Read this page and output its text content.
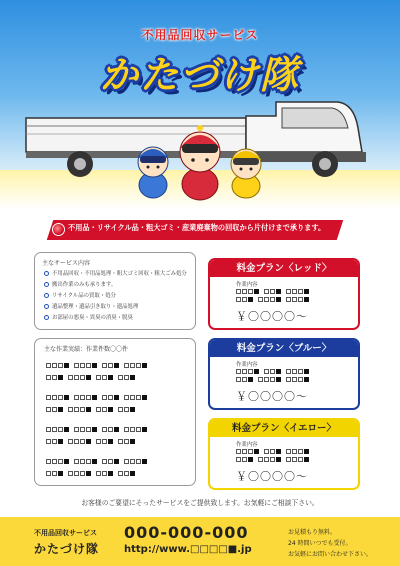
不用品回収サービス
かたづけ隊
不用品・リサイクル品・粗大ゴミ・産業廃棄物の回収から片付けまで承ります。
主なサービス内容
不用品回収・不用品処理・粗大ゴミ回収・粗大ごみ処分
搬出作業のみも承ります。
リサイクル品の買取・処分
遺品整理・遺品引き取り・遺品処理
お部屋の悪臭・異臭の消臭・脱臭
主な作業実績：作業件数〇〇件
料金プラン〈レッド〉
作業内容
￥〇〇〇〇～
料金プラン〈ブルー〉
作業内容
￥〇〇〇〇～
料金プラン〈イエロー〉
作業内容
￥〇〇〇〇～
お客様のご要望にそったサービスをご提供致します。お気軽にご相談下さい。
不用品回収サービス
かたづけ隊
000-000-000
http://www.□□□□■.jp
お見積もり無料。
24 時間いつでも受付。
お気軽にお問い合わせ下さい。
